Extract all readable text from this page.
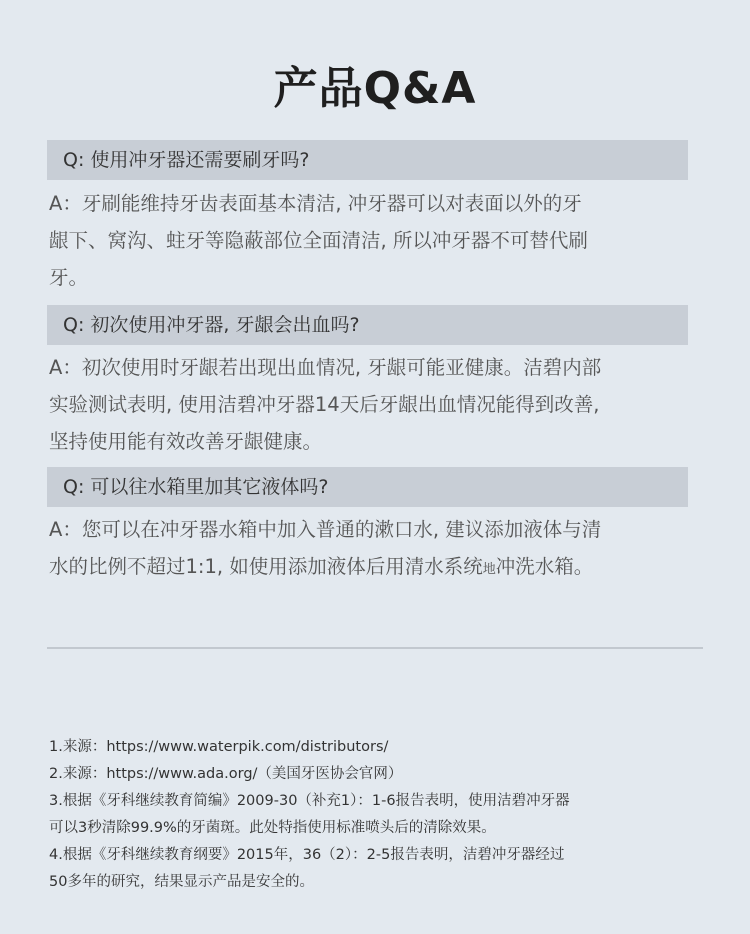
产品Q&A
Q: 使用冲牙器还需要刷牙吗?
A：牙刷能维持牙齿表面基本清洁, 冲牙器可以对表面以外的牙
龈下、窝沟、蛀牙等隐蔽部位全面清洁, 所以冲牙器不可替代刷
牙。
Q: 初次使用冲牙器, 牙龈会出血吗?
A：初次使用时牙龈若出现出血情况, 牙龈可能亚健康。洁碧内部
实验测试表明, 使用洁碧冲牙器14天后牙龈出血情况能得到改善,
坚持使用能有效改善牙龈健康。
Q: 可以往水箱里加其它液体吗?
A：您可以在冲牙器水箱中加入普通的漱口水, 建议添加液体与清
水的比例不超过1:1, 如使用添加液体后用清水系统地冲洗水箱。
1.来源：https://www.waterpik.com/distributors/
2.来源：https://www.ada.org/（美国牙医协会官网）
3.根据《牙科继续教育简编》2009-30（补充1）：1-6报告表明，使用洁碧冲牙器
可以3秒清除99.9%的牙菌斑。此处特指使用标准喷头后的清除效果。
4.根据《牙科继续教育纲要》2015年，36（2）：2-5报告表明，洁碧冲牙器经过
50多年的研究，结果显示产品是安全的。
